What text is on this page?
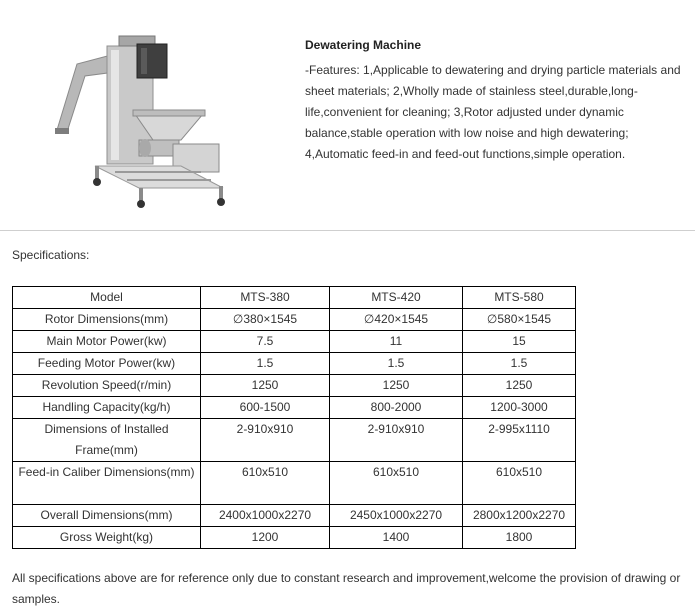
Dewatering Machine
-Features: 1,Applicable to dewatering and drying particle materials and sheet materials; 2,Wholly made of stainless steel,durable,long-life,convenient for cleaning; 3,Rotor adjusted under dynamic balance,stable operation with low noise and high dewatering; 4,Automatic feed-in and feed-out functions,simple operation.
Specifications:
Model	MTS-380	MTS-420	MTS-580
Rotor Dimensions(mm)	∅380×1545	∅420×1545	∅580×1545
Main Motor Power(kw)	7.5	11	15
Feeding Motor Power(kw)	1.5	1.5	1.5
Revolution Speed(r/min)	1250	1250	1250
Handling Capacity(kg/h)	600-1500	800-2000	1200-3000
Dimensions of Installed Frame(mm)	2-910x910	2-910x910	2-995x1110
Feed-in Caliber Dimensions(mm)	610x510	610x510	610x510
Overall Dimensions(mm)	2400x1000x2270	2450x1000x2270	2800x1200x2270
Gross Weight(kg)	1200	1400	1800
All specifications above are for reference only due to constant research and improvement,welcome the provision of drawing or samples.
